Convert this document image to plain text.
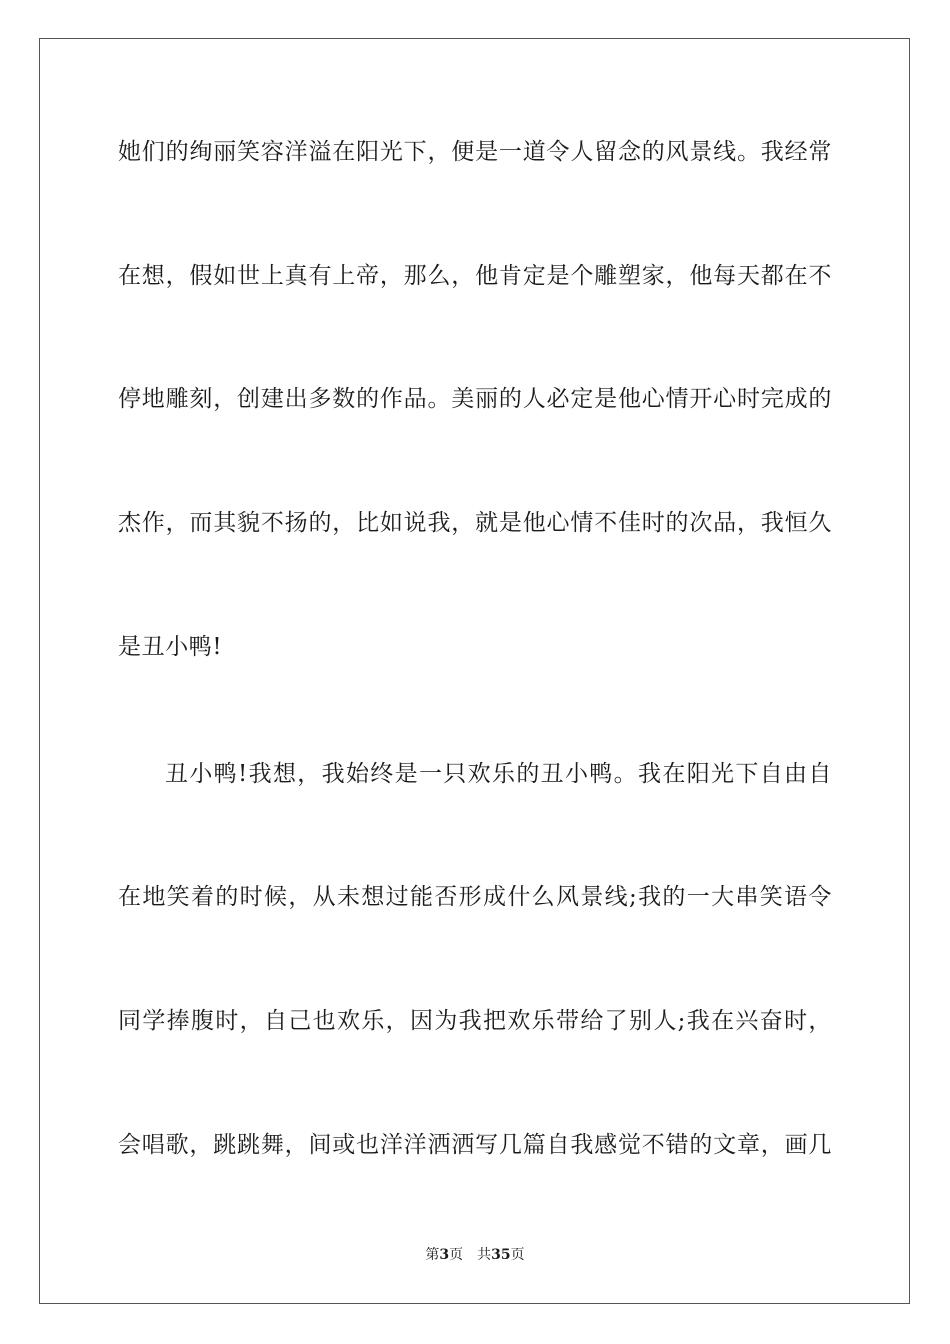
她们的绚丽笑容洋溢在阳光下，便是一道令人留念的风景线。我经常
在想，假如世上真有上帝，那么，他肯定是个雕塑家，他每天都在不
停地雕刻，创建出多数的作品。美丽的人必定是他心情开心时完成的
杰作，而其貌不扬的，比如说我，就是他心情不佳时的次品，我恒久
是丑小鸭!
丑小鸭!我想，我始终是一只欢乐的丑小鸭。我在阳光下自由自
在地笑着的时候，从未想过能否形成什么风景线;我的一大串笑语令
同学捧腹时，自己也欢乐，因为我把欢乐带给了别人;我在兴奋时，
会唱歌，跳跳舞，间或也洋洋洒洒写几篇自我感觉不错的文章，画几
第3页 共35页
